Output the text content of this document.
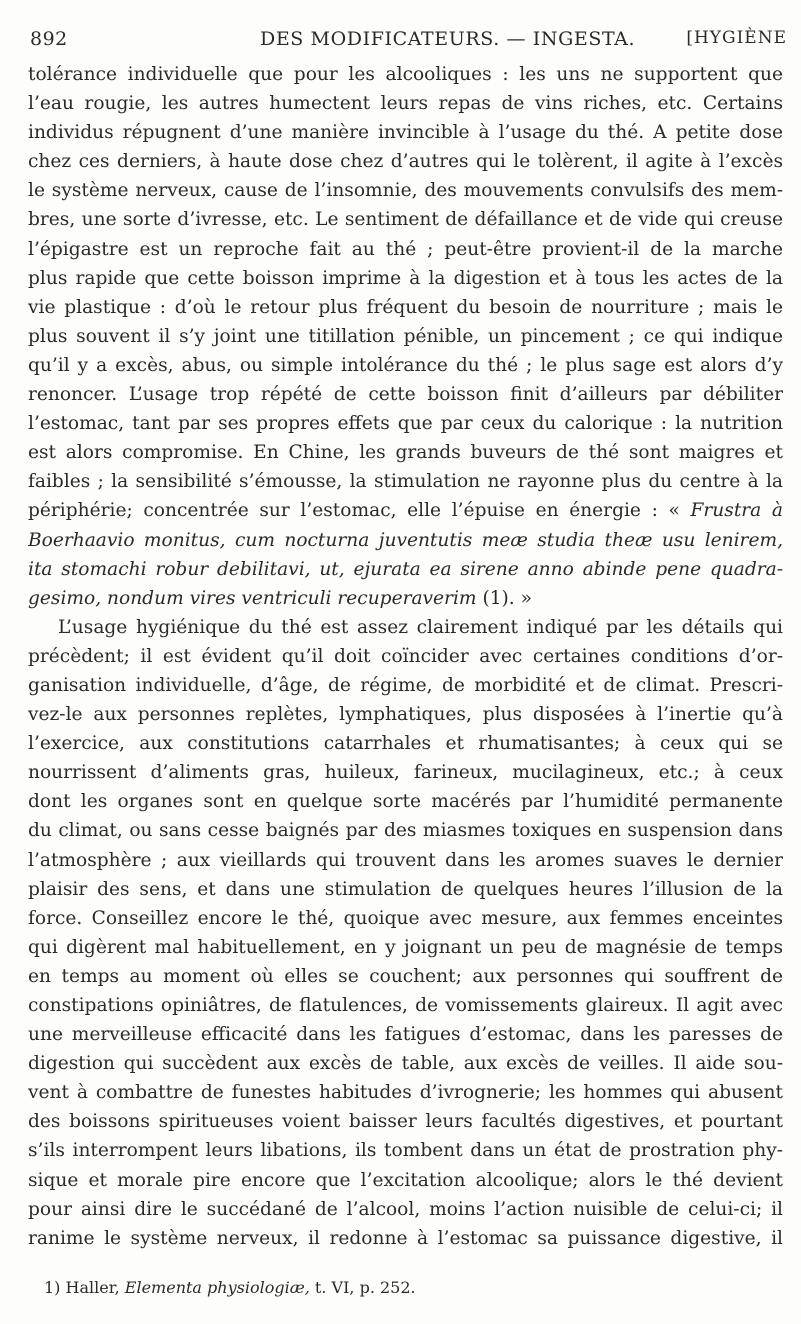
892	DES MODIFICATEURS. — INGESTA.	[HYGIÈNE
tolérance individuelle que pour les alcooliques : les uns ne supportent que
l’eau rougie, les autres humectent leurs repas de vins riches, etc. Certains
individus répugnent d’une manière invincible à l’usage du thé. A petite dose
chez ces derniers, à haute dose chez d’autres qui le tolèrent, il agite à l’excès
le système nerveux, cause de l’insomnie, des mouvements convulsifs des mem-
bres, une sorte d’ivresse, etc. Le sentiment de défaillance et de vide qui creuse
l’épigastre est un reproche fait au thé ; peut-être provient-il de la marche
plus rapide que cette boisson imprime à la digestion et à tous les actes de la
vie plastique : d’où le retour plus fréquent du besoin de nourriture ; mais le
plus souvent il s’y joint une titillation pénible, un pincement ; ce qui indique
qu’il y a excès, abus, ou simple intolérance du thé ; le plus sage est alors d’y
renoncer. L’usage trop répété de cette boisson finit d’ailleurs par débiliter
l’estomac, tant par ses propres effets que par ceux du calorique : la nutrition
est alors compromise. En Chine, les grands buveurs de thé sont maigres et
faibles ; la sensibilité s’émousse, la stimulation ne rayonne plus du centre à la
périphérie; concentrée sur l’estomac, elle l’épuise en énergie : « Frustra à
Boerhaavio monitus, cum nocturna juventutis meæ studia theæ usu lenirem,
ita stomachi robur debilitavi, ut, ejurata ea sirene anno abinde pene quadra-
gesimo, nondum vires ventriculi recuperaverim (1). »
L’usage hygiénique du thé est assez clairement indiqué par les détails qui
précèdent; il est évident qu’il doit coïncider avec certaines conditions d’or-
ganisation individuelle, d’âge, de régime, de morbidité et de climat. Prescri-
vez-le aux personnes replètes, lymphatiques, plus disposées à l’inertie qu’à
l’exercice, aux constitutions catarrhales et rhumatisantes; à ceux qui se
nourrissent d’aliments gras, huileux, farineux, mucilagineux, etc.; à ceux
dont les organes sont en quelque sorte macérés par l’humidité permanente
du climat, ou sans cesse baignés par des miasmes toxiques en suspension dans
l’atmosphère ; aux vieillards qui trouvent dans les aromes suaves le dernier
plaisir des sens, et dans une stimulation de quelques heures l’illusion de la
force. Conseillez encore le thé, quoique avec mesure, aux femmes enceintes
qui digèrent mal habituellement, en y joignant un peu de magnésie de temps
en temps au moment où elles se couchent; aux personnes qui souffrent de
constipations opiniâtres, de flatulences, de vomissements glaireux. Il agit avec
une merveilleuse efficacité dans les fatigues d’estomac, dans les paresses de
digestion qui succèdent aux excès de table, aux excès de veilles. Il aide sou-
vent à combattre de funestes habitudes d’ivrognerie; les hommes qui abusent
des boissons spiritueuses voient baisser leurs facultés digestives, et pourtant
s’ils interrompent leurs libations, ils tombent dans un état de prostration phy-
sique et morale pire encore que l’excitation alcoolique; alors le thé devient
pour ainsi dire le succédané de l’alcool, moins l’action nuisible de celui-ci; il
ranime le système nerveux, il redonne à l’estomac sa puissance digestive, il
1) Haller, Elementa physiologiæ, t. VI, p. 252.
